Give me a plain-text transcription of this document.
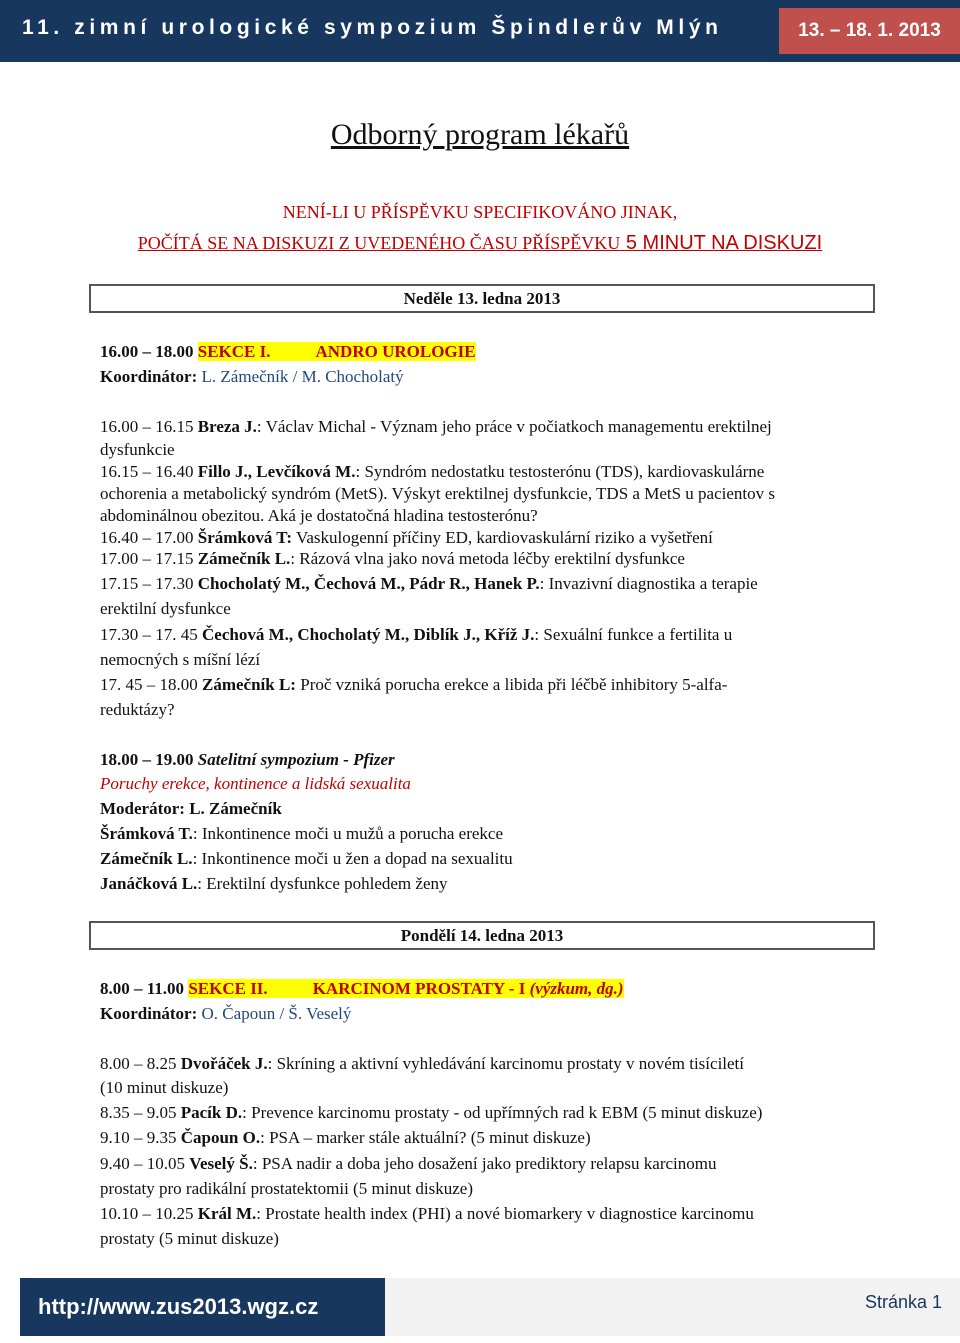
11. zimní urologické sympozium Špindlerův Mlýn	13. – 18. 1. 2013
Odborný program lékařů
NENÍ-LI U PŘÍSPĚVKU SPECIFIKOVÁNO JINAK,
POČÍTÁ SE NA DISKUZI Z UVEDENÉHO ČASU PŘÍSPĚVKU 5 MINUT NA DISKUZI
Neděle 13. ledna 2013
16.00 – 18.00 SEKCE I.	ANDRO UROLOGIE
Koordinátor: L. Zámečník / M. Chocholatý
16.00 – 16.15 Breza J.: Václav Michal - Význam jeho práce v počiatkoch managementu erektilnej
dysfunkcie
16.15 – 16.40 Fillo J., Levčíková M.: Syndróm nedostatku testosterónu (TDS), kardiovaskulárne
ochorenia a metabolický syndróm (MetS). Výskyt erektilnej dysfunkcie, TDS a MetS u pacientov s
abdominálnou obezitou. Aká je dostatočná hladina testosterónu?
16.40 – 17.00 Šrámková T: Vaskulogenní příčiny ED, kardiovaskulární riziko a vyšetření
17.00 – 17.15 Zámečník L.: Rázová vlna jako nová metoda léčby erektilní dysfunkce
17.15 – 17.30 Chocholatý M., Čechová M., Pádr R., Hanek P.: Invazivní diagnostika a terapie
erektilní dysfunkce
17.30 – 17. 45 Čechová M., Chocholatý M., Diblík J., Kříž J.: Sexuální funkce a fertilita u
nemocných s míšní lézí
17. 45 – 18.00 Zámečník L: Proč vzniká porucha erekce a libida při léčbě inhibitory 5-alfa-
reduktázy?
18.00 – 19.00 Satelitní sympozium - Pfizer
Poruchy erekce, kontinence a lidská sexualita
Moderátor: L. Zámečník
Šrámková T.: Inkontinence moči u mužů a porucha erekce
Zámečník L.: Inkontinence moči u žen a dopad na sexualitu
Janáčková L.: Erektilní dysfunkce pohledem ženy
Pondělí 14. ledna 2013
8.00 – 11.00 SEKCE II.	KARCINOM PROSTATY - I (výzkum, dg.)
Koordinátor: O. Čapoun / Š. Veselý
8.00 – 8.25 Dvořáček J.: Skríning a aktivní vyhledávání karcinomu prostaty v novém tisíciletí
(10 minut diskuze)
8.35 – 9.05 Pacík D.: Prevence karcinomu prostaty - od upřímných rad k EBM (5 minut diskuze)
9.10 – 9.35 Čapoun O.: PSA – marker stále aktuální? (5 minut diskuze)
9.40 – 10.05 Veselý Š.: PSA nadir a doba jeho dosažení jako prediktory relapsu karcinomu
prostaty pro radikální prostatektomii (5 minut diskuze)
10.10 – 10.25 Král M.: Prostate health index (PHI) a nové biomarkery v diagnostice karcinomu
prostaty (5 minut diskuze)
http://www.zus2013.wgz.cz	Stránka 1
